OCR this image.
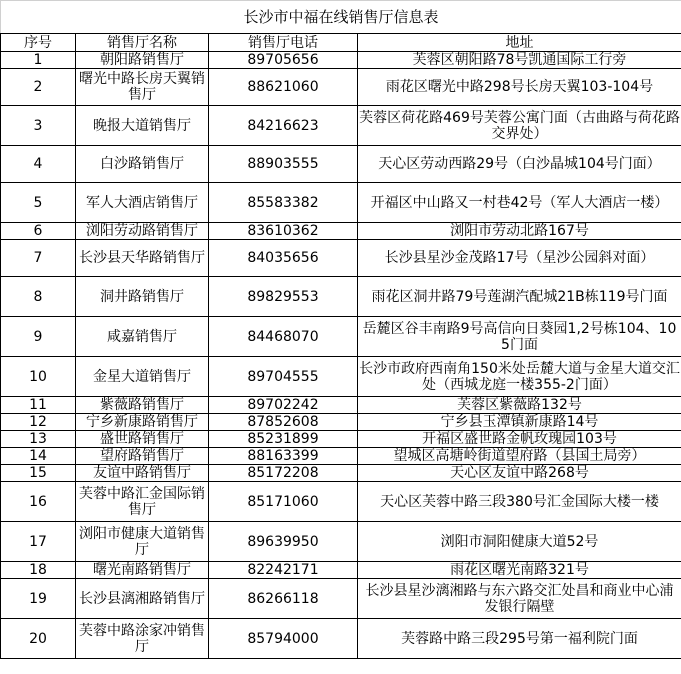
长沙市中福在线销售厅信息表			
序号	销售厅名称	销售厅电话	地址
1	朝阳路销售厅	89705656	芙蓉区朝阳路78号凯通国际工行旁
2	曙光中路长房天翼销售厅	88621060	雨花区曙光中路298号长房天翼103-104号
3	晚报大道销售厅	84216623	芙蓉区荷花路469号芙蓉公寓门面（古曲路与荷花路交界处）
4	白沙路销售厅	88903555	天心区劳动西路29号（白沙晶城104号门面）
5	军人大酒店销售厅	85583382	开福区中山路又一村巷42号（军人大酒店一楼）
6	浏阳劳动路销售厅	83610362	浏阳市劳动北路167号
7	长沙县天华路销售厅	84035656	长沙县星沙金茂路17号（星沙公园斜对面）
8	洞井路销售厅	89829553	雨花区洞井路79号莲湖汽配城21B栋119号门面
9	咸嘉销售厅	84468070	岳麓区谷丰南路9号高信向日葵园1,2号栋104、105门面
10	金星大道销售厅	89704555	长沙市政府西南角150米处岳麓大道与金星大道交汇处（西城龙庭一楼355-2门面）
11	紫薇路销售厅	89702242	芙蓉区紫薇路132号
12	宁乡新康路销售厅	87852608	宁乡县玉潭镇新康路14号
13	盛世路销售厅	85231899	开福区盛世路金帆玫瑰园103号
14	望府路销售厅	88163399	望城区高塘岭街道望府路（县国土局旁）
15	友谊中路销售厅	85172208	天心区友谊中路268号
16	芙蓉中路汇金国际销售厅	85171060	天心区芙蓉中路三段380号汇金国际大楼一楼
17	浏阳市健康大道销售厅	89639950	浏阳市洞阳健康大道52号
18	曙光南路销售厅	82242171	雨花区曙光南路321号
19	长沙县漓湘路销售厅	86266118	长沙县星沙漓湘路与东六路交汇处昌和商业中心浦发银行隔壁
20	芙蓉中路涂家冲销售厅	85794000	芙蓉路中路三段295号第一福利院门面
